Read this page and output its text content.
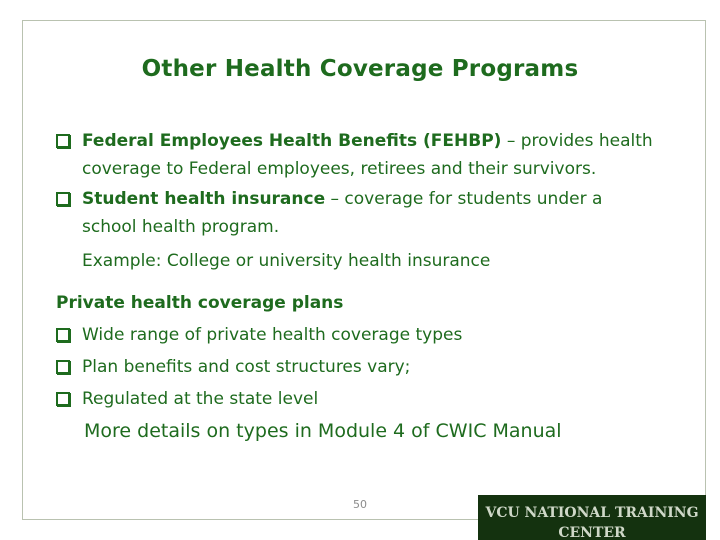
Other Health Coverage Programs
Federal Employees Health Benefits (FEHBP) – provides health
coverage to Federal employees, retirees and their survivors.
Student health insurance – coverage for students under a
school health program.
Example: College or university health insurance
Private health coverage plans
Wide range of private health coverage types
Plan benefits and cost structures vary;
Regulated at the state level
More details on types in Module 4 of CWIC Manual
50
VCU NATIONAL TRAINING CENTER
